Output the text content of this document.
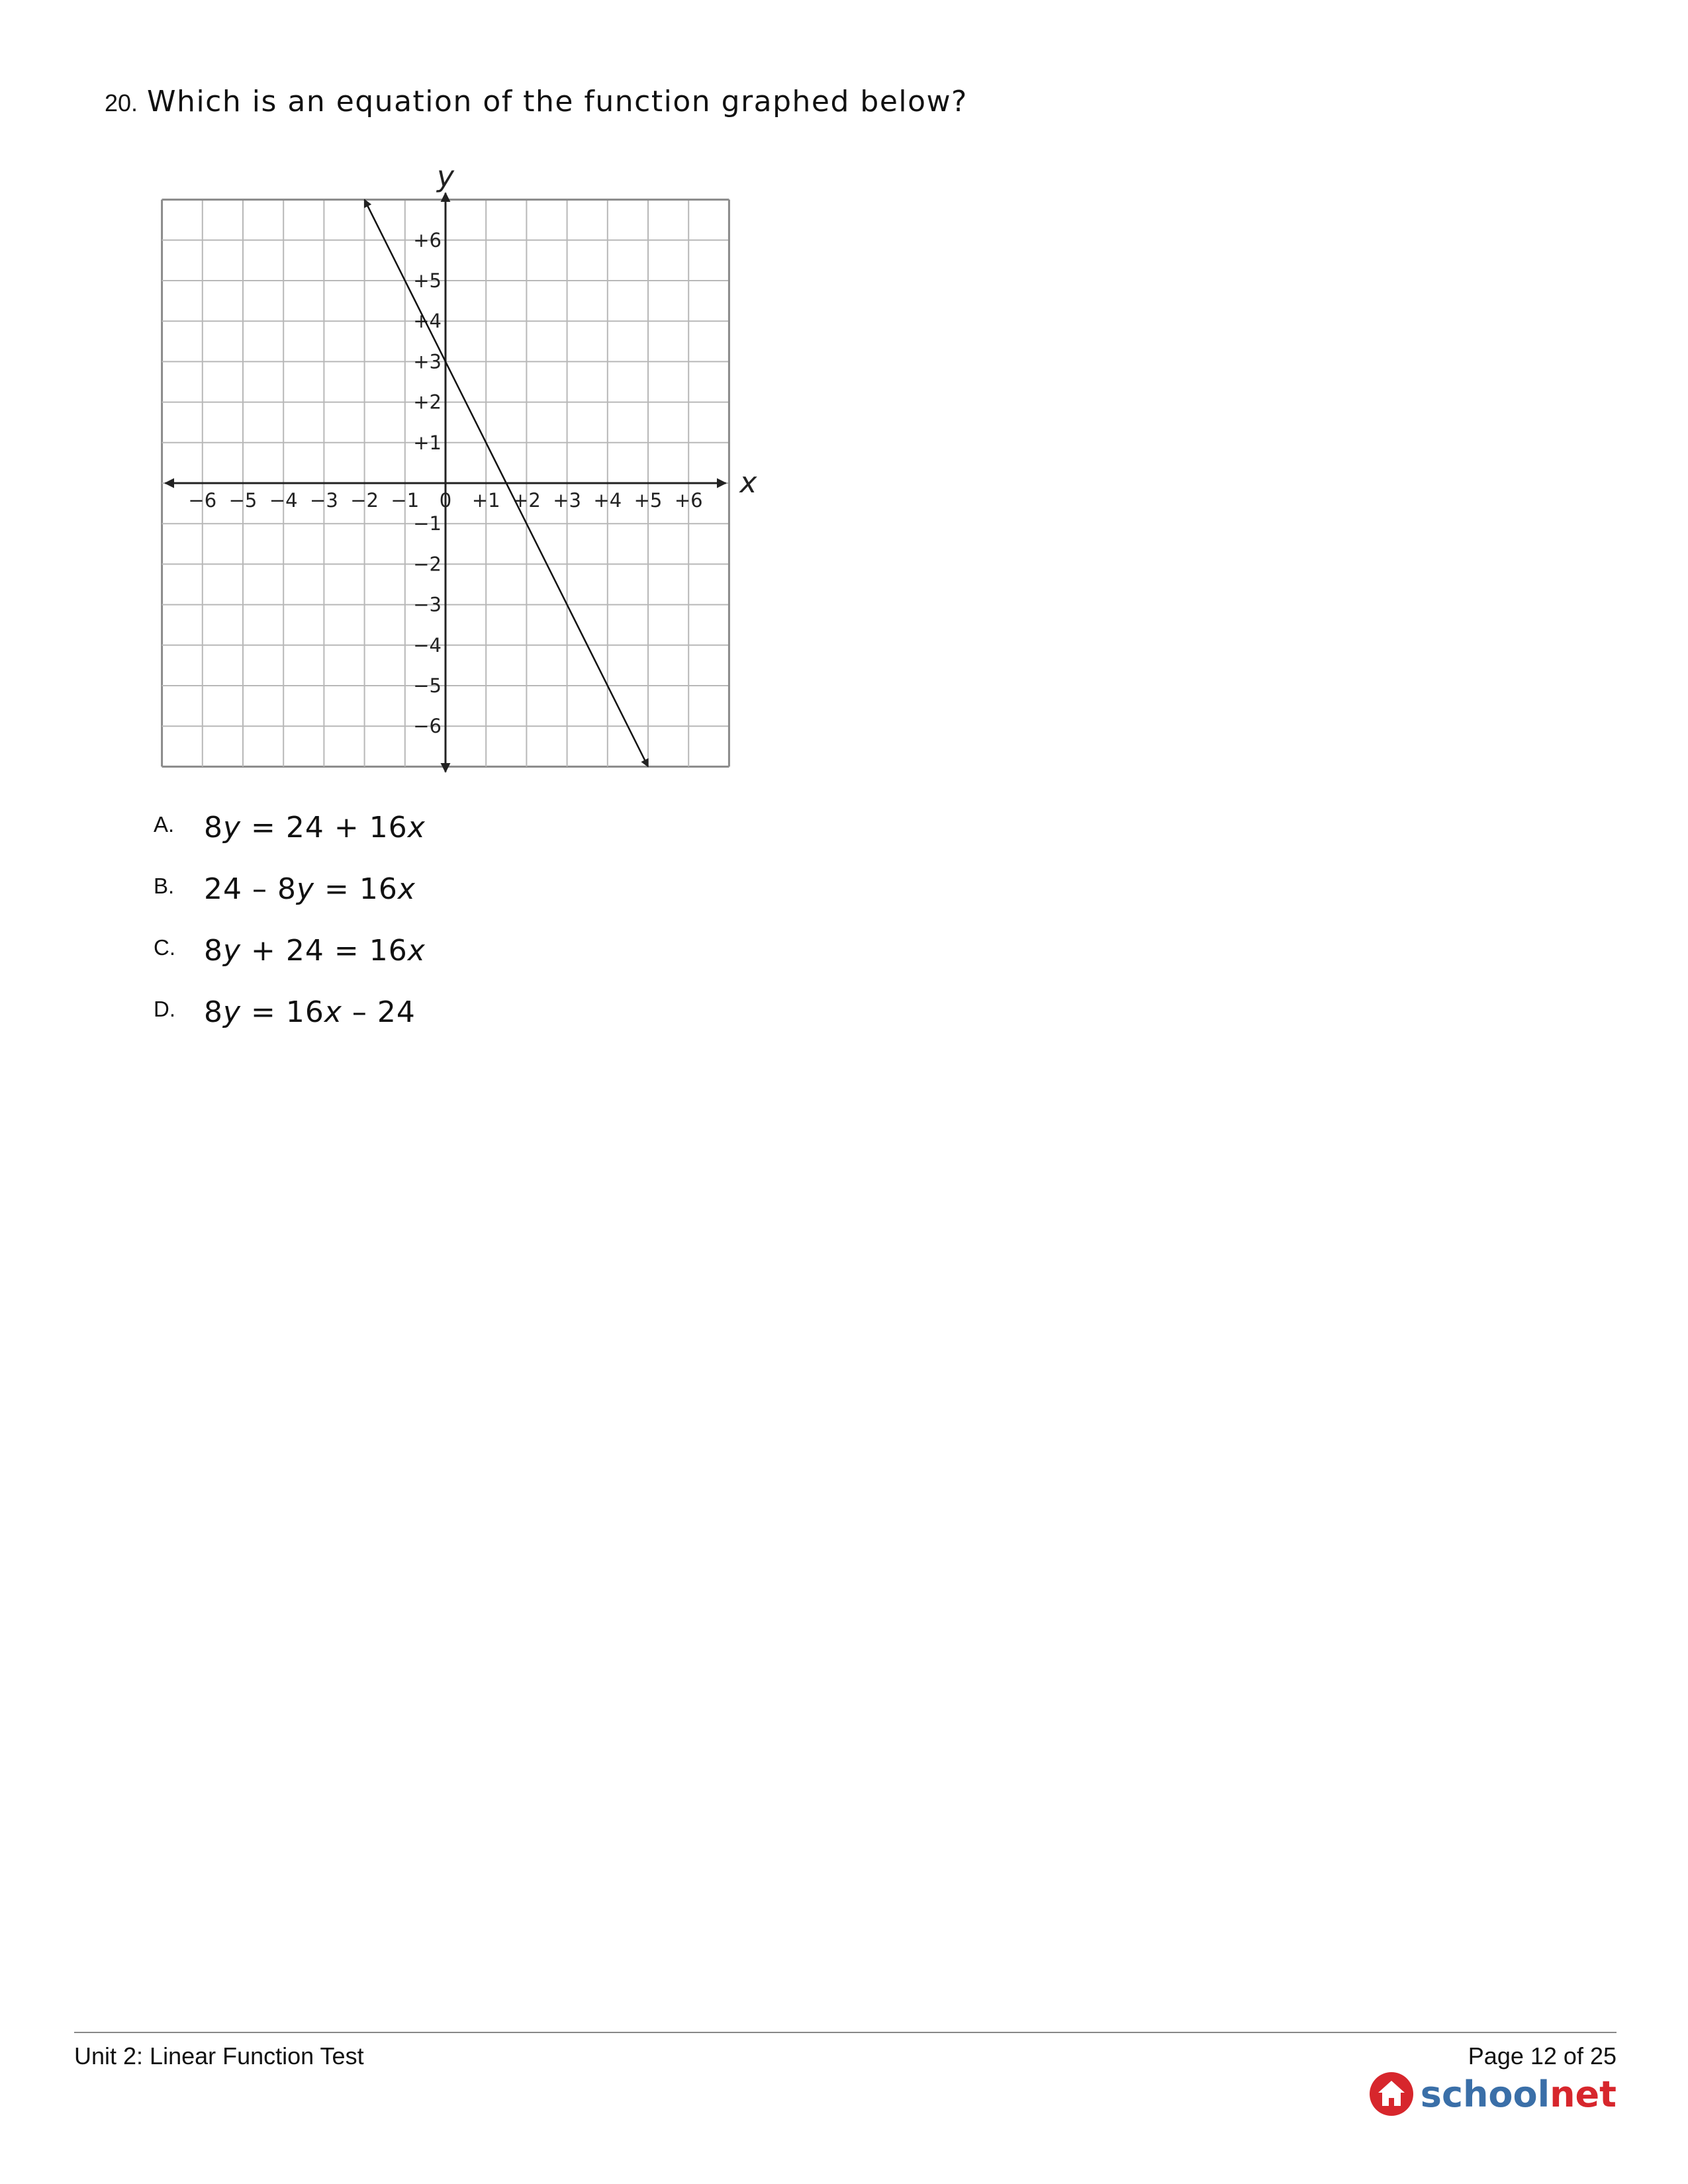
20. Which is an equation of the function graphed below?
−6 −5 −4 −3 −2 −1 0 +1 +2 +3 +4 +5 +6
+6
+5
+4
+3
+2
+1
−1
−2
−3
−4
−5
−6
x
y
A.	8y = 24 + 16x
B.	24 – 8y = 16x
C. 8y + 24 = 16x
D. 8y = 16x – 24
Unit 2: Linear Function Test	Page 12 of 25
schoolnet
